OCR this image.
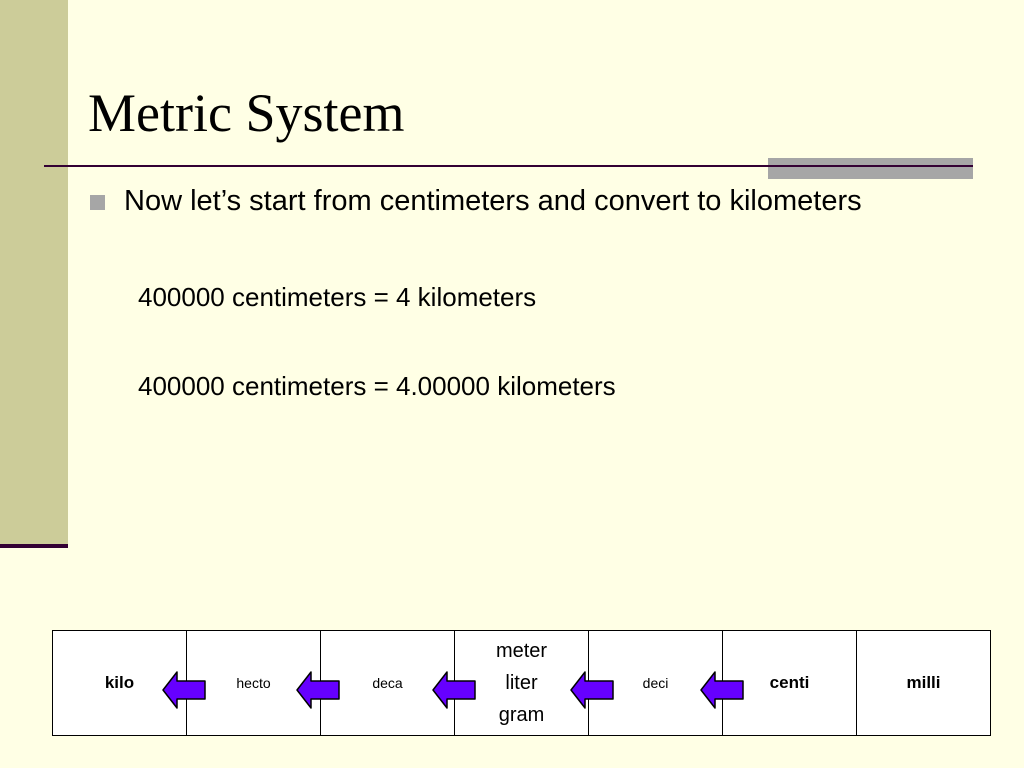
Metric System
Now let’s start from centimeters and convert to kilometers
400000 centimeters = 4 kilometers
400000 centimeters = 4.00000 kilometers
kilo	hecto	deca
meter
liter
gram
deci	centi	milli
